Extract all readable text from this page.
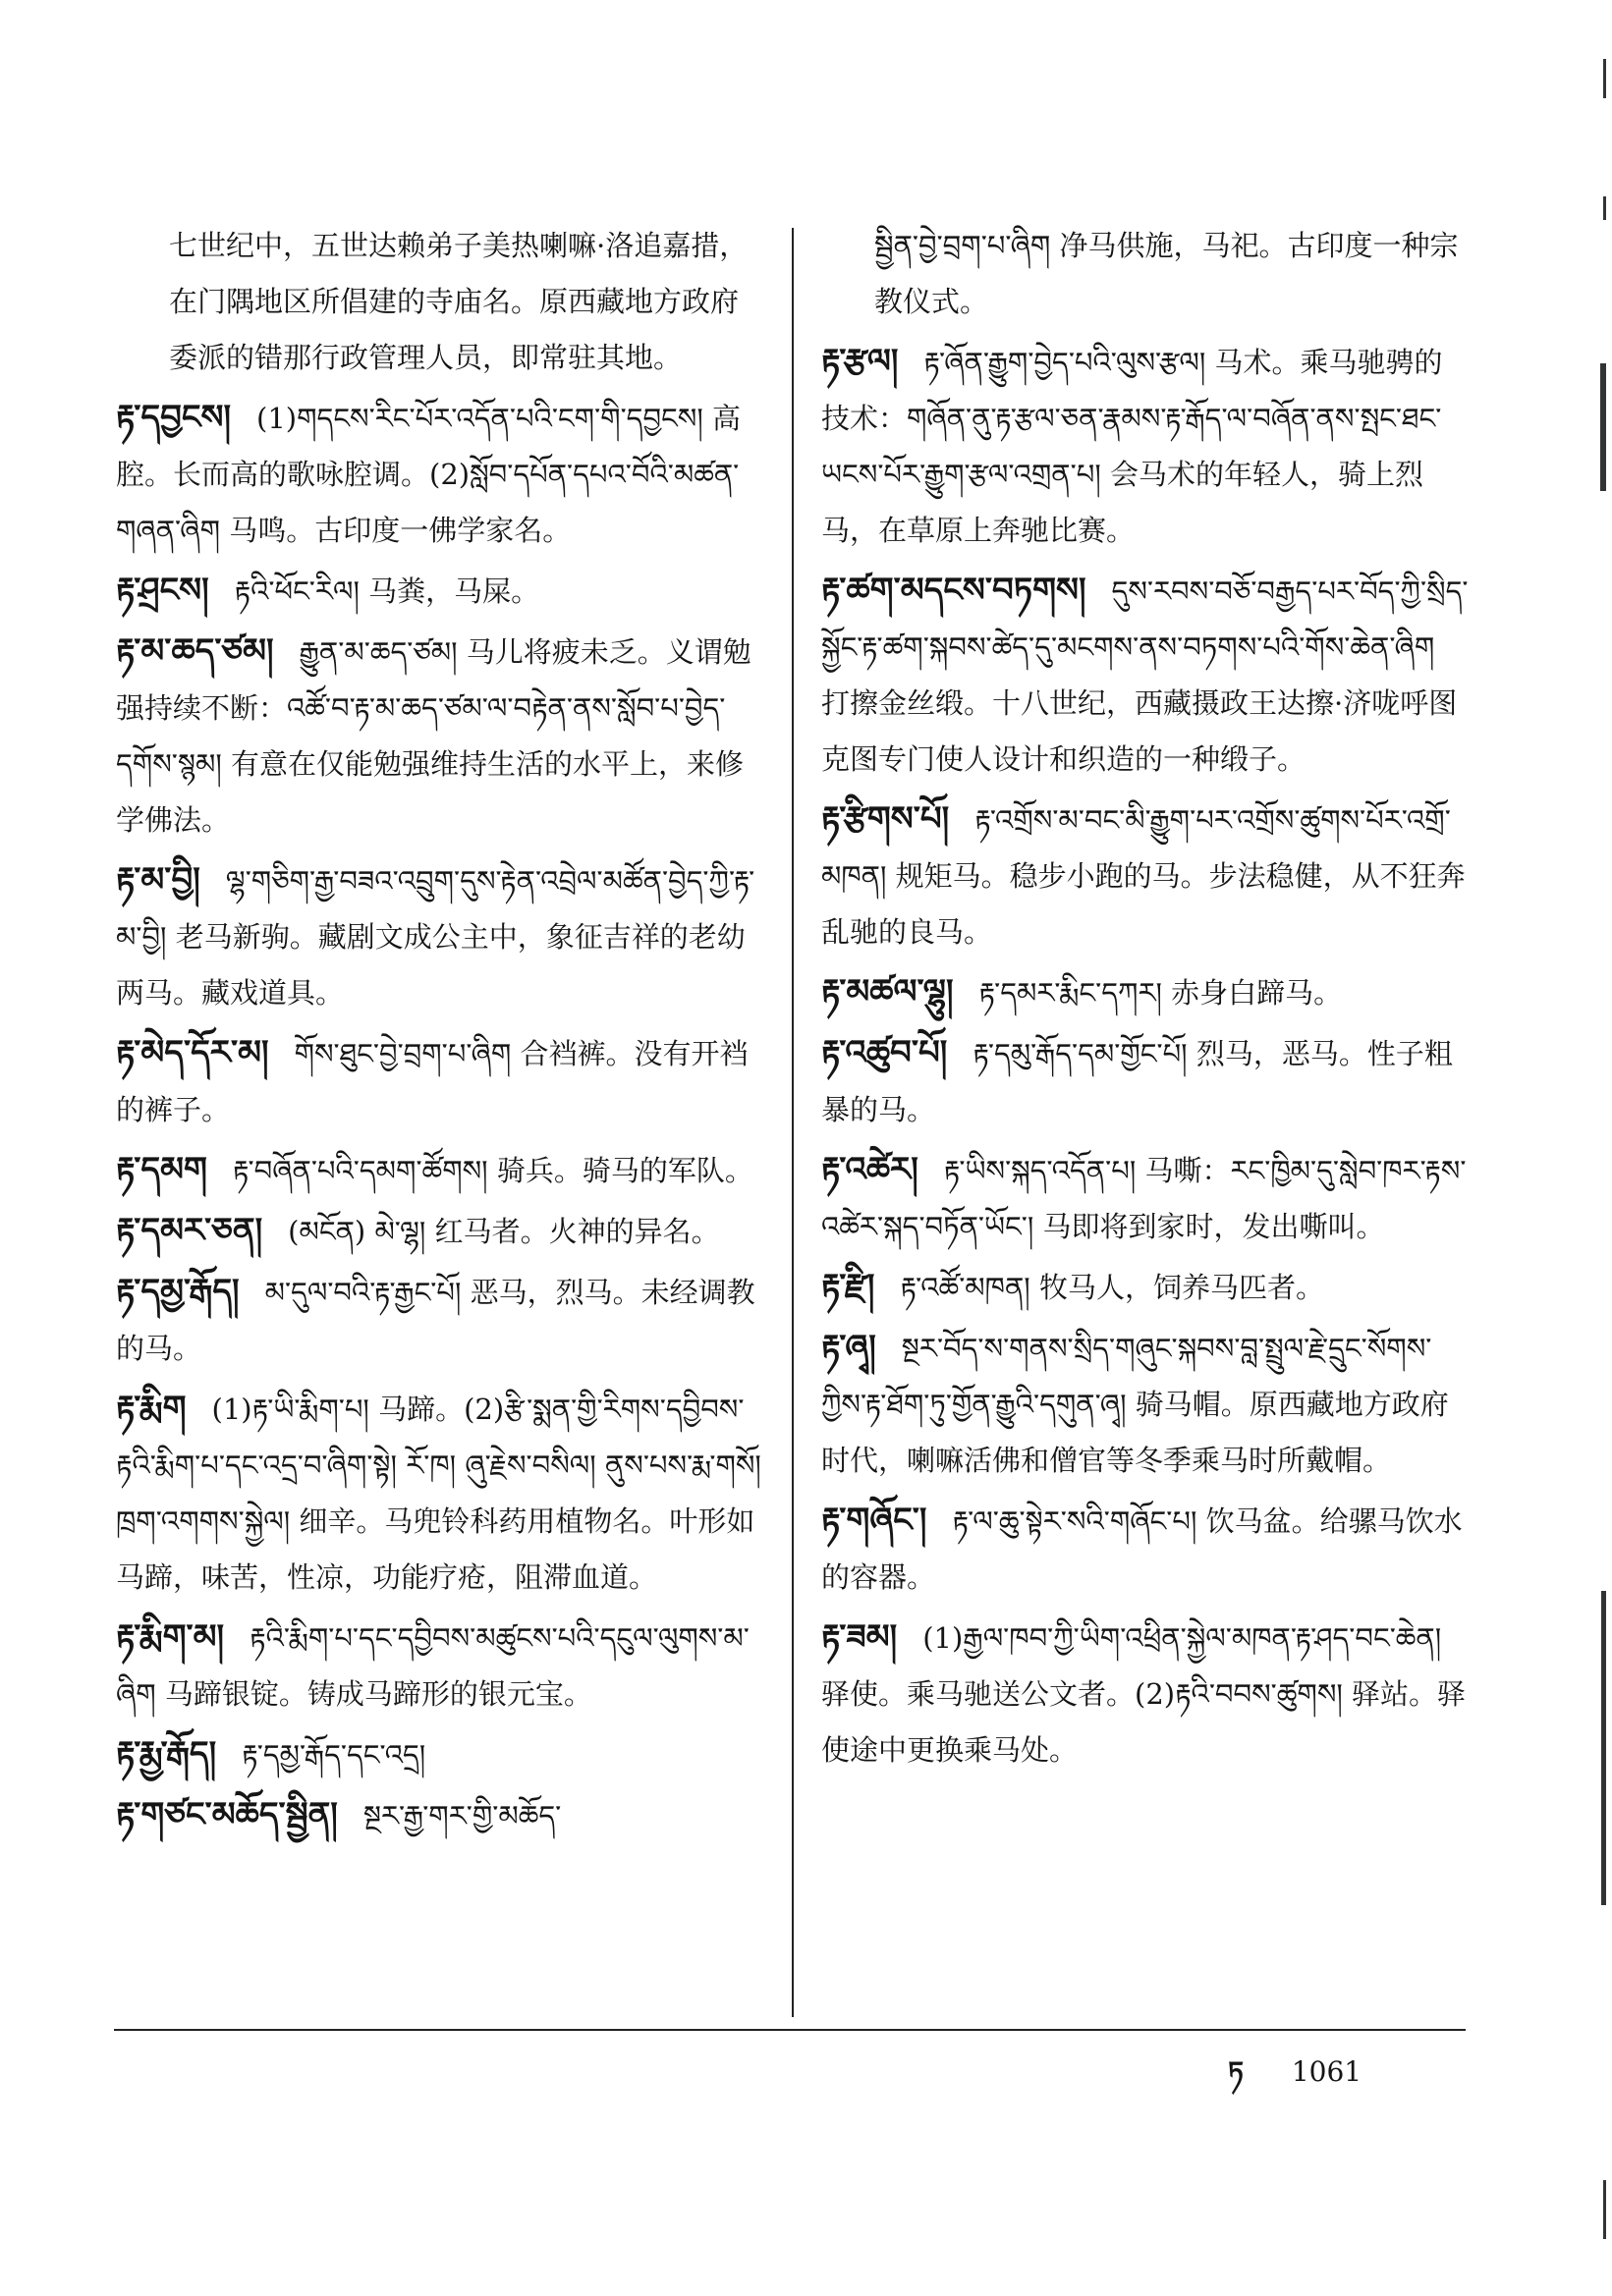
七世纪中，五世达赖弟子美热喇嘛·洛追嘉措，在门隅地区所倡建的寺庙名。原西藏地方政府委派的错那行政管理人员，即常驻其地。
རྟ་དབྱངས། (1)གདངས་རིང་པོར་འདོན་པའི་ངག་གི་དབྱངས། 高腔。长而高的歌咏腔调。(2)སློབ་དཔོན་དཔའ་བོའི་མཚན་གཞན་ཞིག 马鸣。古印度一佛学家名。
རྟ་ཤྲངས། རྟའི་ཕོང་རིལ། 马粪，马屎。
རྟ་མ་ཆད་ཙམ། རྒྱུན་མ་ཆད་ཙམ། 马儿将疲未乏。义谓勉强持续不断：འཚོ་བ་རྟ་མ་ཆད་ཙམ་ལ་བརྟེན་ནས་སློབ་པ་བྱེད་དགོས་སྙམ། 有意在仅能勉强维持生活的水平上，来修学佛法。
རྟ་མ་བྱི། ལྷ་གཅིག་རྒྱ་བཟའ་འབྲུག་དུས་རྟེན་འབྲེལ་མཚོན་བྱེད་ཀྱི་རྟ་མ་བྱི། 老马新驹。藏剧文成公主中，象征吉祥的老幼两马。藏戏道具。
རྟ་མེད་དོར་མ། གོས་ཐུང་བྱེ་བྲག་པ་ཞིག 合裆裤。没有开裆的裤子。
རྟ་དམག རྟ་བཞོན་པའི་དམག་ཚོགས། 骑兵。骑马的军队。
རྟ་དམར་ཅན། (མངོན) མེ་ལྷ། 红马者。火神的异名。
རྟ་དམྱ་རྒོད། མ་དུལ་བའི་རྟ་རྒྱང་པོ། 恶马，烈马。未经调教的马。
རྟ་རྨིག (1)རྟ་ཡི་རྨིག་པ། 马蹄。(2)རྩི་སྨན་གྱི་རིགས་དབྱིབས་རྟའི་རྨིག་པ་དང་འདྲ་བ་ཞིག་སྟེ། རོ་ཁ། ཞུ་རྗེས་བསིལ། ནུས་པས་རྨ་གསོ། ཁྲག་འགགས་སྐྱེལ། 细辛。马兜铃科药用植物名。叶形如马蹄，味苦，性凉，功能疗疮，阻滞血道。
རྟ་རྨིག་མ། རྟའི་རྨིག་པ་དང་དབྱིབས་མཚུངས་པའི་དངུལ་ལུགས་མ་ཞིག 马蹄银锭。铸成马蹄形的银元宝。
རྟ་རྨྱ་རྒོད། རྟ་དམྱ་རྒོད་དང་འདྲ།
རྟ་གཙང་མཆོད་སྦྱིན། སྔར་རྒྱ་གར་གྱི་མཆོད་
སྦྱིན་བྱེ་བྲག་པ་ཞིག 净马供施，马祀。古印度一种宗教仪式。
རྟ་རྩལ། རྟ་ཞོན་རྒྱུག་བྱེད་པའི་ལུས་རྩལ། 马术。乘马驰骋的技术：གཞོན་ནུ་རྟ་རྩལ་ཅན་རྣམས་རྟ་རྒོད་ལ་བཞོན་ནས་སྤང་ཐང་ཡངས་པོར་རྒྱུག་རྩལ་འགྲན་པ། 会马术的年轻人，骑上烈马，在草原上奔驰比赛。
རྟ་ཚག་མདངས་བཏགས། དུས་རབས་བཅོ་བརྒྱད་པར་བོད་ཀྱི་སྲིད་སྐྱོང་རྟ་ཚག་སྐབས་ཚེད་དུ་མངགས་ནས་བཏགས་པའི་གོས་ཆེན་ཞིག 打擦金丝缎。十八世纪，西藏摄政王达擦·济咙呼图克图专门使人设计和织造的一种缎子。
རྟ་རྩིགས་པོ། རྟ་འགྲོས་མ་བང་མི་རྒྱུག་པར་འགྲོས་ཚུགས་པོར་འགྲོ་མཁན། 规矩马。稳步小跑的马。步法稳健，从不狂奔乱驰的良马。
རྟ་མཚལ་ལྷུ། རྟ་དམར་རྨིང་དཀར། 赤身白蹄马。
རྟ་འཚུབ་པོ། རྟ་དམུ་རྒོད་དམ་གྱོང་པོ། 烈马，恶马。性子粗暴的马。
རྟ་འཚེར། རྟ་ཡིས་སྐད་འདོན་པ། 马嘶：རང་ཁྱིམ་དུ་སླེབ་ཁར་རྟས་འཚེར་སྐད་བཏོན་ཡོང་། 马即将到家时，发出嘶叫。
རྟ་རྫི། རྟ་འཚོ་མཁན། 牧马人，饲养马匹者。
རྟ་ཞྭ། སྔར་བོད་ས་གནས་སྲིད་གཞུང་སྐབས་བླ་སྤྲུལ་རྗེ་དྲུང་སོགས་ཀྱིས་རྟ་ཐོག་ཏུ་གྱོན་རྒྱུའི་དགུན་ཞྭ། 骑马帽。原西藏地方政府时代，喇嘛活佛和僧官等冬季乘马时所戴帽。
རྟ་གཞོང་། རྟ་ལ་ཆུ་སྟེར་སའི་གཞོང་པ། 饮马盆。给骡马饮水的容器。
རྟ་ཟམ། (1)རྒྱལ་ཁབ་ཀྱི་ཡིག་འཕྲིན་སྐྱེལ་མཁན་རྟ་ཤད་བང་ཆེན། 驿使。乘马驰送公文者。(2)རྟའི་བབས་ཚུགས། 驿站。驿使途中更换乘马处。
ཏ 1061
